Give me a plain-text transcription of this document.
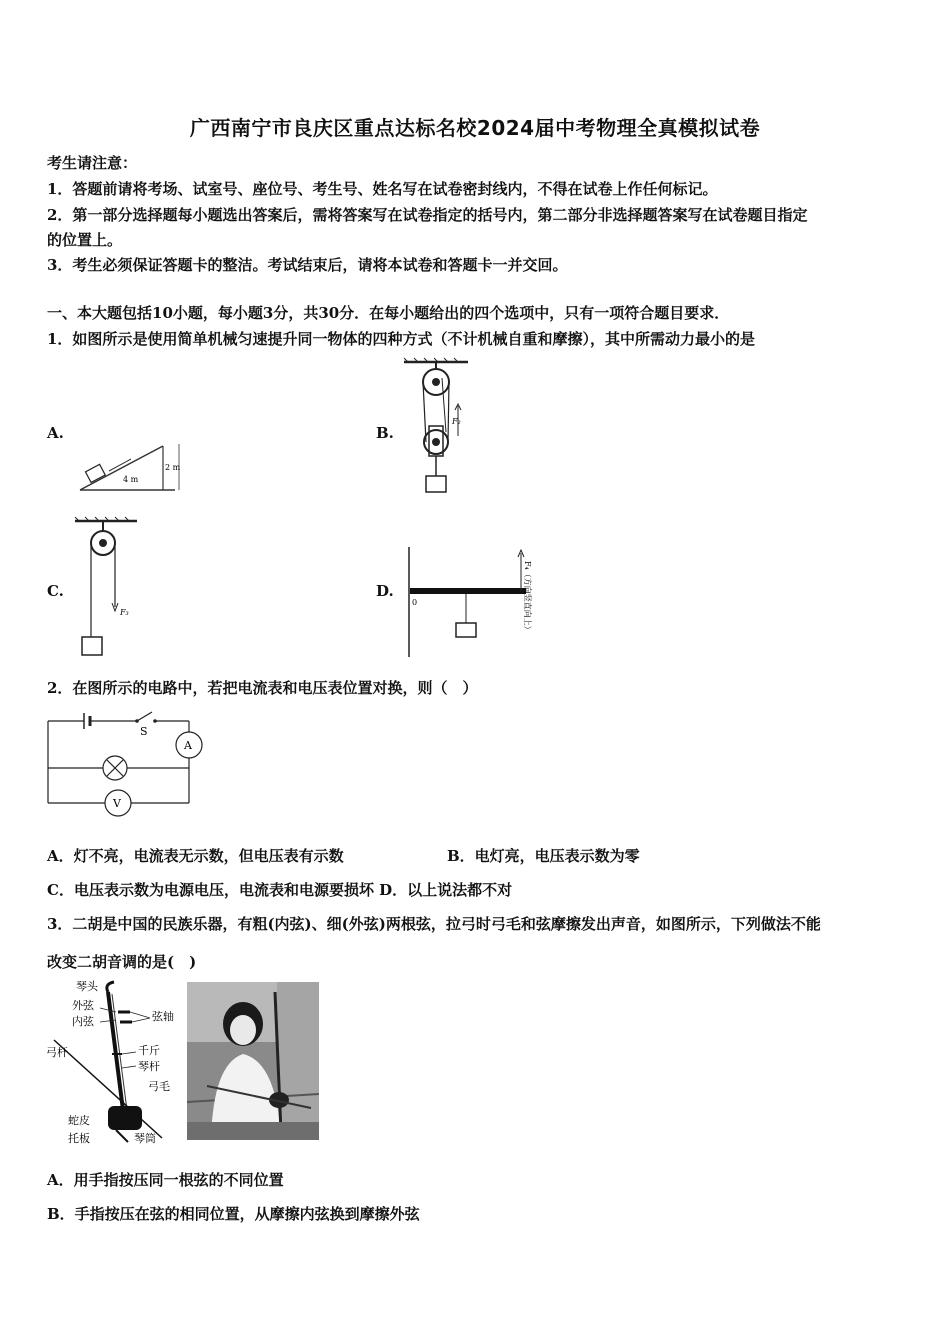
广西南宁市良庆区重点达标名校2024届中考物理全真模拟试卷
考生请注意：
1．答题前请将考场、试室号、座位号、考生号、姓名写在试卷密封线内，不得在试卷上作任何标记。
2．第一部分选择题每小题选出答案后，需将答案写在试卷指定的括号内，第二部分非选择题答案写在试卷题目指定
的位置上。
3．考生必须保证答题卡的整洁。考试结束后，请将本试卷和答题卡一并交回。
一、本大题包括10小题，每小题3分，共30分．在每小题给出的四个选项中，只有一项符合题目要求．
1．如图所示是使用简单机械匀速提升同一物体的四种方式（不计机械自重和摩擦），其中所需动力最小的是
A.	B.
C.	D.
4 m
2 m
F₂
F₃
0	F₄（方向竖直向上）
2．在图所示的电路中，若把电流表和电压表位置对换，则（　）
S
A
V
A．灯不亮，电流表无示数，但电压表有示数	B．电灯亮，电压表示数为零
C．电压表示数为电源电压，电流表和电源要损坏 D．以上说法都不对
3．二胡是中国的民族乐器，有粗(内弦)、细(外弦)两根弦，拉弓时弓毛和弦摩擦发出声音，如图所示，下列做法不能
改变二胡音调的是(　)
琴头
外弦
内弦	弦轴
弓杆	千斤
琴杆
弓毛
蛇皮
托板	琴筒
A．用手指按压同一根弦的不同位置
B．手指按压在弦的相同位置，从摩擦内弦换到摩擦外弦
